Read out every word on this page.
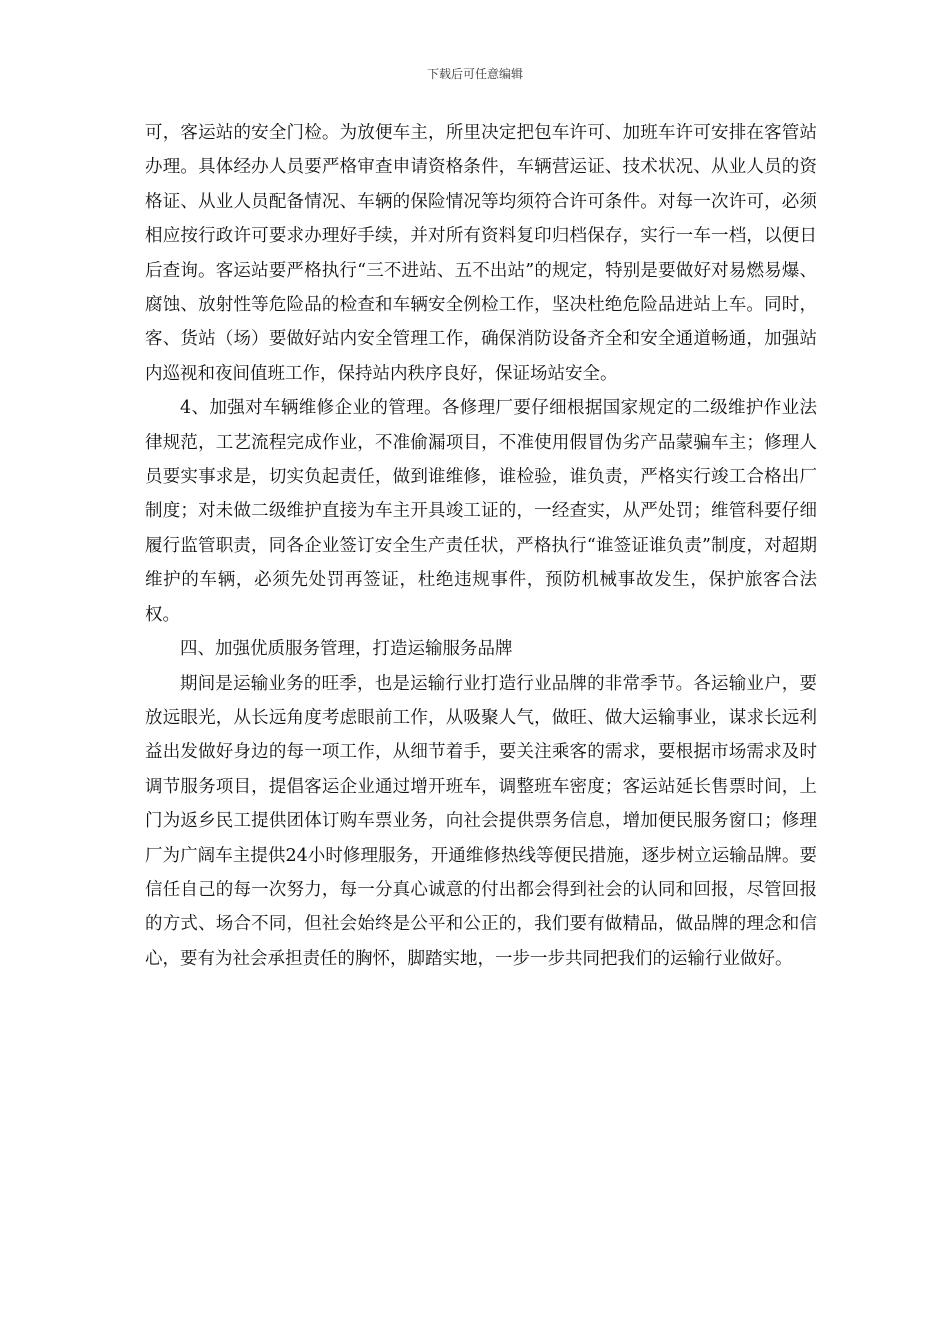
下载后可任意编辑

可，客运站的安全门检。为放便车主，所里决定把包车许可、加班车许可安排在客管站办理。具体经办人员要严格审查申请资格条件，车辆营运证、技术状况、从业人员的资格证、从业人员配备情况、车辆的保险情况等均须符合许可条件。对每一次许可，必须相应按行政许可要求办理好手续，并对所有资料复印归档保存，实行一车一档，以便日后查询。客运站要严格执行“三不进站、五不出站”的规定，特别是要做好对易燃易爆、腐蚀、放射性等危险品的检查和车辆安全例检工作，坚决杜绝危险品进站上车。同时，客、货站（场）要做好站内安全管理工作，确保消防设备齐全和安全通道畅通，加强站内巡视和夜间值班工作，保持站内秩序良好，保证场站安全。

4、加强对车辆维修企业的管理。各修理厂要仔细根据国家规定的二级维护作业法律规范，工艺流程完成作业，不准偷漏项目，不准使用假冒伪劣产品蒙骗车主；修理人员要实事求是，切实负起责任，做到谁维修，谁检验，谁负责，严格实行竣工合格出厂制度；对未做二级维护直接为车主开具竣工证的，一经查实，从严处罚；维管科要仔细履行监管职责，同各企业签订安全生产责任状，严格执行“谁签证谁负责”制度，对超期维护的车辆，必须先处罚再签证，杜绝违规事件，预防机械事故发生，保护旅客合法权。

四、加强优质服务管理，打造运输服务品牌

期间是运输业务的旺季，也是运输行业打造行业品牌的非常季节。各运输业户，要放远眼光，从长远角度考虑眼前工作，从吸聚人气，做旺、做大运输事业，谋求长远利益出发做好身边的每一项工作，从细节着手，要关注乘客的需求，要根据市场需求及时调节服务项目，提倡客运企业通过增开班车，调整班车密度；客运站延长售票时间，上门为返乡民工提供团体订购车票业务，向社会提供票务信息，增加便民服务窗口；修理厂为广阔车主提供24小时修理服务，开通维修热线等便民措施，逐步树立运输品牌。要信任自己的每一次努力，每一分真心诚意的付出都会得到社会的认同和回报，尽管回报的方式、场合不同，但社会始终是公平和公正的，我们要有做精品，做品牌的理念和信心，要有为社会承担责任的胸怀，脚踏实地，一步一步共同把我们的运输行业做好。
